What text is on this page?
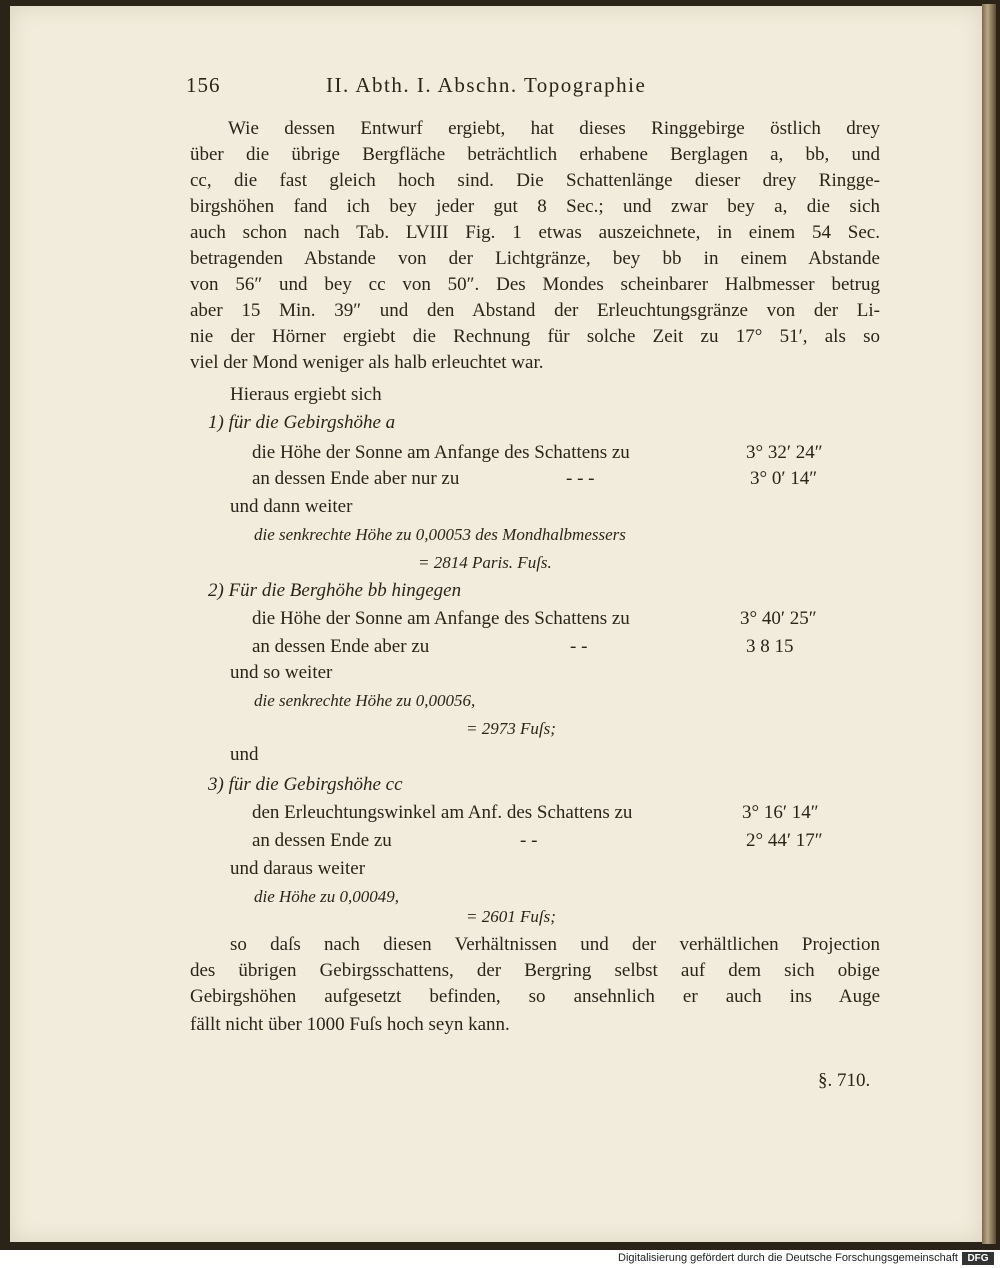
156	II. Abth. I. Abschn. Topographie
Wie dessen Entwurf ergiebt, hat dieses Ringgebirge östlich drey
über die übrige Bergfläche beträchtlich erhabene Berglagen a, bb, und
cc, die fast gleich hoch sind. Die Schattenlänge dieser drey Ringge-
birgshöhen fand ich bey jeder gut 8 Sec.; und zwar bey a, die sich
auch schon nach Tab. LVIII Fig. 1 etwas auszeichnete, in einem 54 Sec.
betragenden Abstande von der Lichtgränze, bey bb in einem Abstande
von 56″ und bey cc von 50″. Des Mondes scheinbarer Halbmesser betrug
aber 15 Min. 39″ und den Abstand der Erleuchtungsgränze von der Li-
nie der Hörner ergiebt die Rechnung für solche Zeit zu 17° 51′, als so
viel der Mond weniger als halb erleuchtet war.
Hieraus ergiebt sich
1) für die Gebirgshöhe a
die Höhe der Sonne am Anfange des Schattens zu	3° 32′ 24″
an dessen Ende aber nur zu	- - -	3° 0′ 14″
und dann weiter
die senkrechte Höhe zu 0,00053 des Mondhalbmessers
= 2814 Paris. Fuſs.
2) Für die Berghöhe bb hingegen
die Höhe der Sonne am Anfange des Schattens zu	3° 40′ 25″
an dessen Ende aber zu	- -	3 8 15
und so weiter
die senkrechte Höhe zu 0,00056,
= 2973 Fuſs;
und
3) für die Gebirgshöhe cc
den Erleuchtungswinkel am Anf. des Schattens zu	3° 16′ 14″
an dessen Ende zu	- -	2° 44′ 17″
und daraus weiter
die Höhe zu 0,00049,
= 2601 Fuſs;
so daſs nach diesen Verhältnissen und der verhältlichen Projection
des übrigen Gebirgsschattens, der Bergring selbst auf dem sich obige
Gebirgshöhen aufgesetzt befinden, so ansehnlich er auch ins Auge
fällt nicht über 1000 Fuſs hoch seyn kann.
§. 710.
Digitalisierung gefördert durch die Deutsche Forschungsgemeinschaft DFG
